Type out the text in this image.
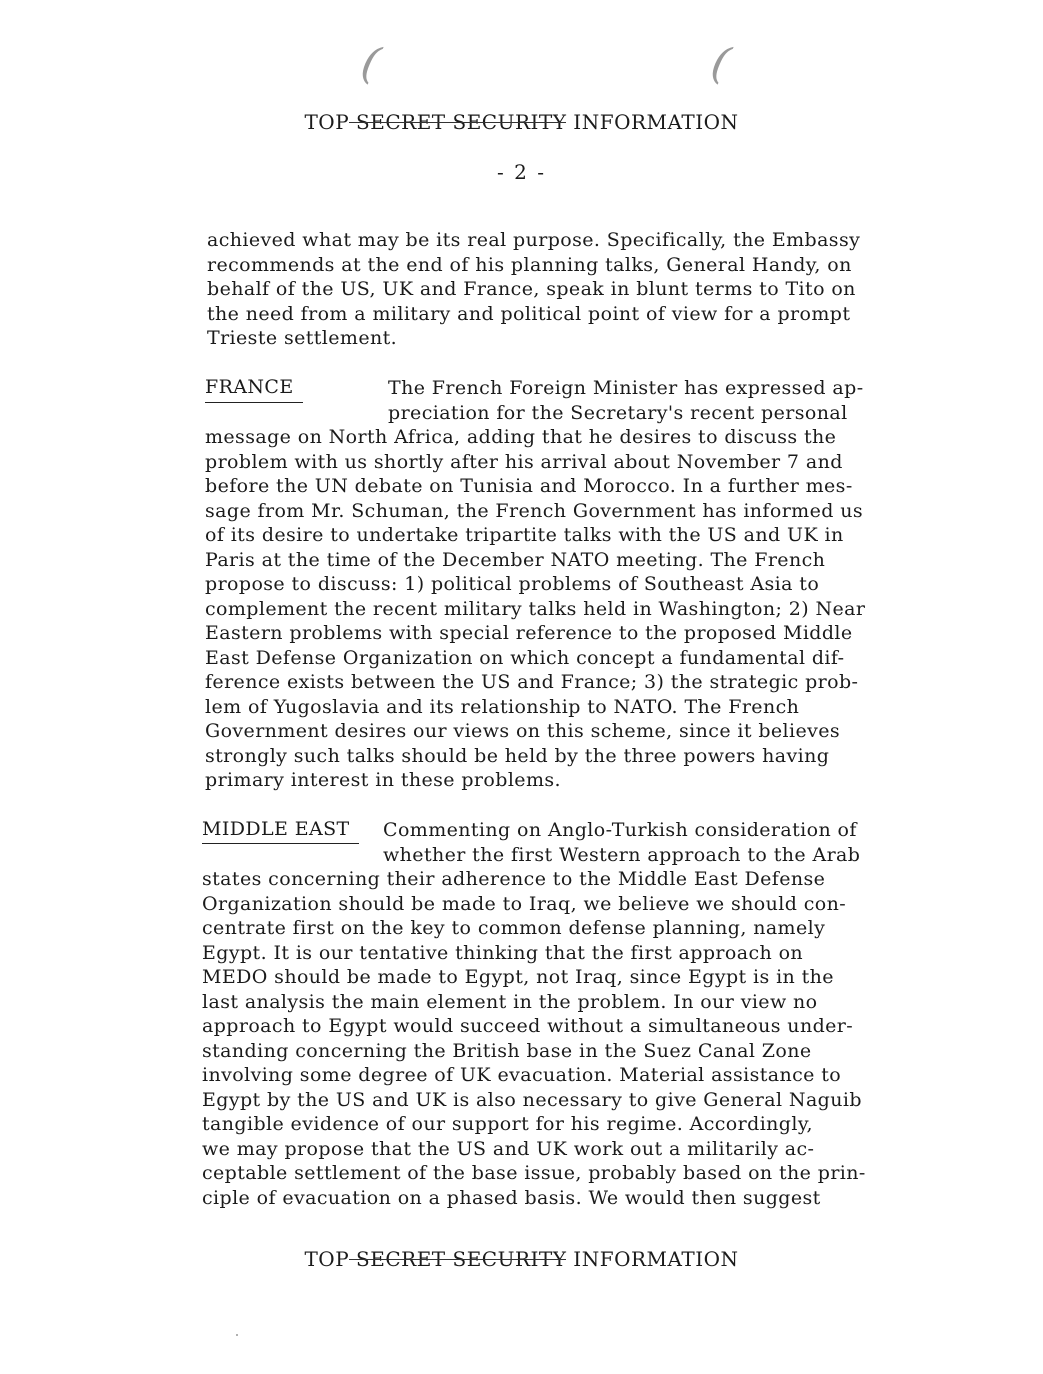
(	(
TOP SECRET SECURITY INFORMATION
- 2 -
achieved what may be its real purpose. Specifically, the Embassy
recommends at the end of his planning talks, General Handy, on
behalf of the US, UK and France, speak in blunt terms to Tito on
the need from a military and political point of view for a prompt
Trieste settlement.
FRANCE	The French Foreign Minister has expressed ap-
preciation for the Secretary's recent personal
message on North Africa, adding that he desires to discuss the
problem with us shortly after his arrival about November 7 and
before the UN debate on Tunisia and Morocco. In a further mes-
sage from Mr. Schuman, the French Government has informed us
of its desire to undertake tripartite talks with the US and UK in
Paris at the time of the December NATO meeting. The French
propose to discuss: 1) political problems of Southeast Asia to
complement the recent military talks held in Washington; 2) Near
Eastern problems with special reference to the proposed Middle
East Defense Organization on which concept a fundamental dif-
ference exists between the US and France; 3) the strategic prob-
lem of Yugoslavia and its relationship to NATO. The French
Government desires our views on this scheme, since it believes
strongly such talks should be held by the three powers having
primary interest in these problems.
MIDDLE EAST	Commenting on Anglo-Turkish consideration of
whether the first Western approach to the Arab
states concerning their adherence to the Middle East Defense
Organization should be made to Iraq, we believe we should con-
centrate first on the key to common defense planning, namely
Egypt. It is our tentative thinking that the first approach on
MEDO should be made to Egypt, not Iraq, since Egypt is in the
last analysis the main element in the problem. In our view no
approach to Egypt would succeed without a simultaneous under-
standing concerning the British base in the Suez Canal Zone
involving some degree of UK evacuation. Material assistance to
Egypt by the US and UK is also necessary to give General Naguib
tangible evidence of our support for his regime. Accordingly,
we may propose that the US and UK work out a militarily ac-
ceptable settlement of the base issue, probably based on the prin-
ciple of evacuation on a phased basis. We would then suggest
TOP SECRET SECURITY INFORMATION
